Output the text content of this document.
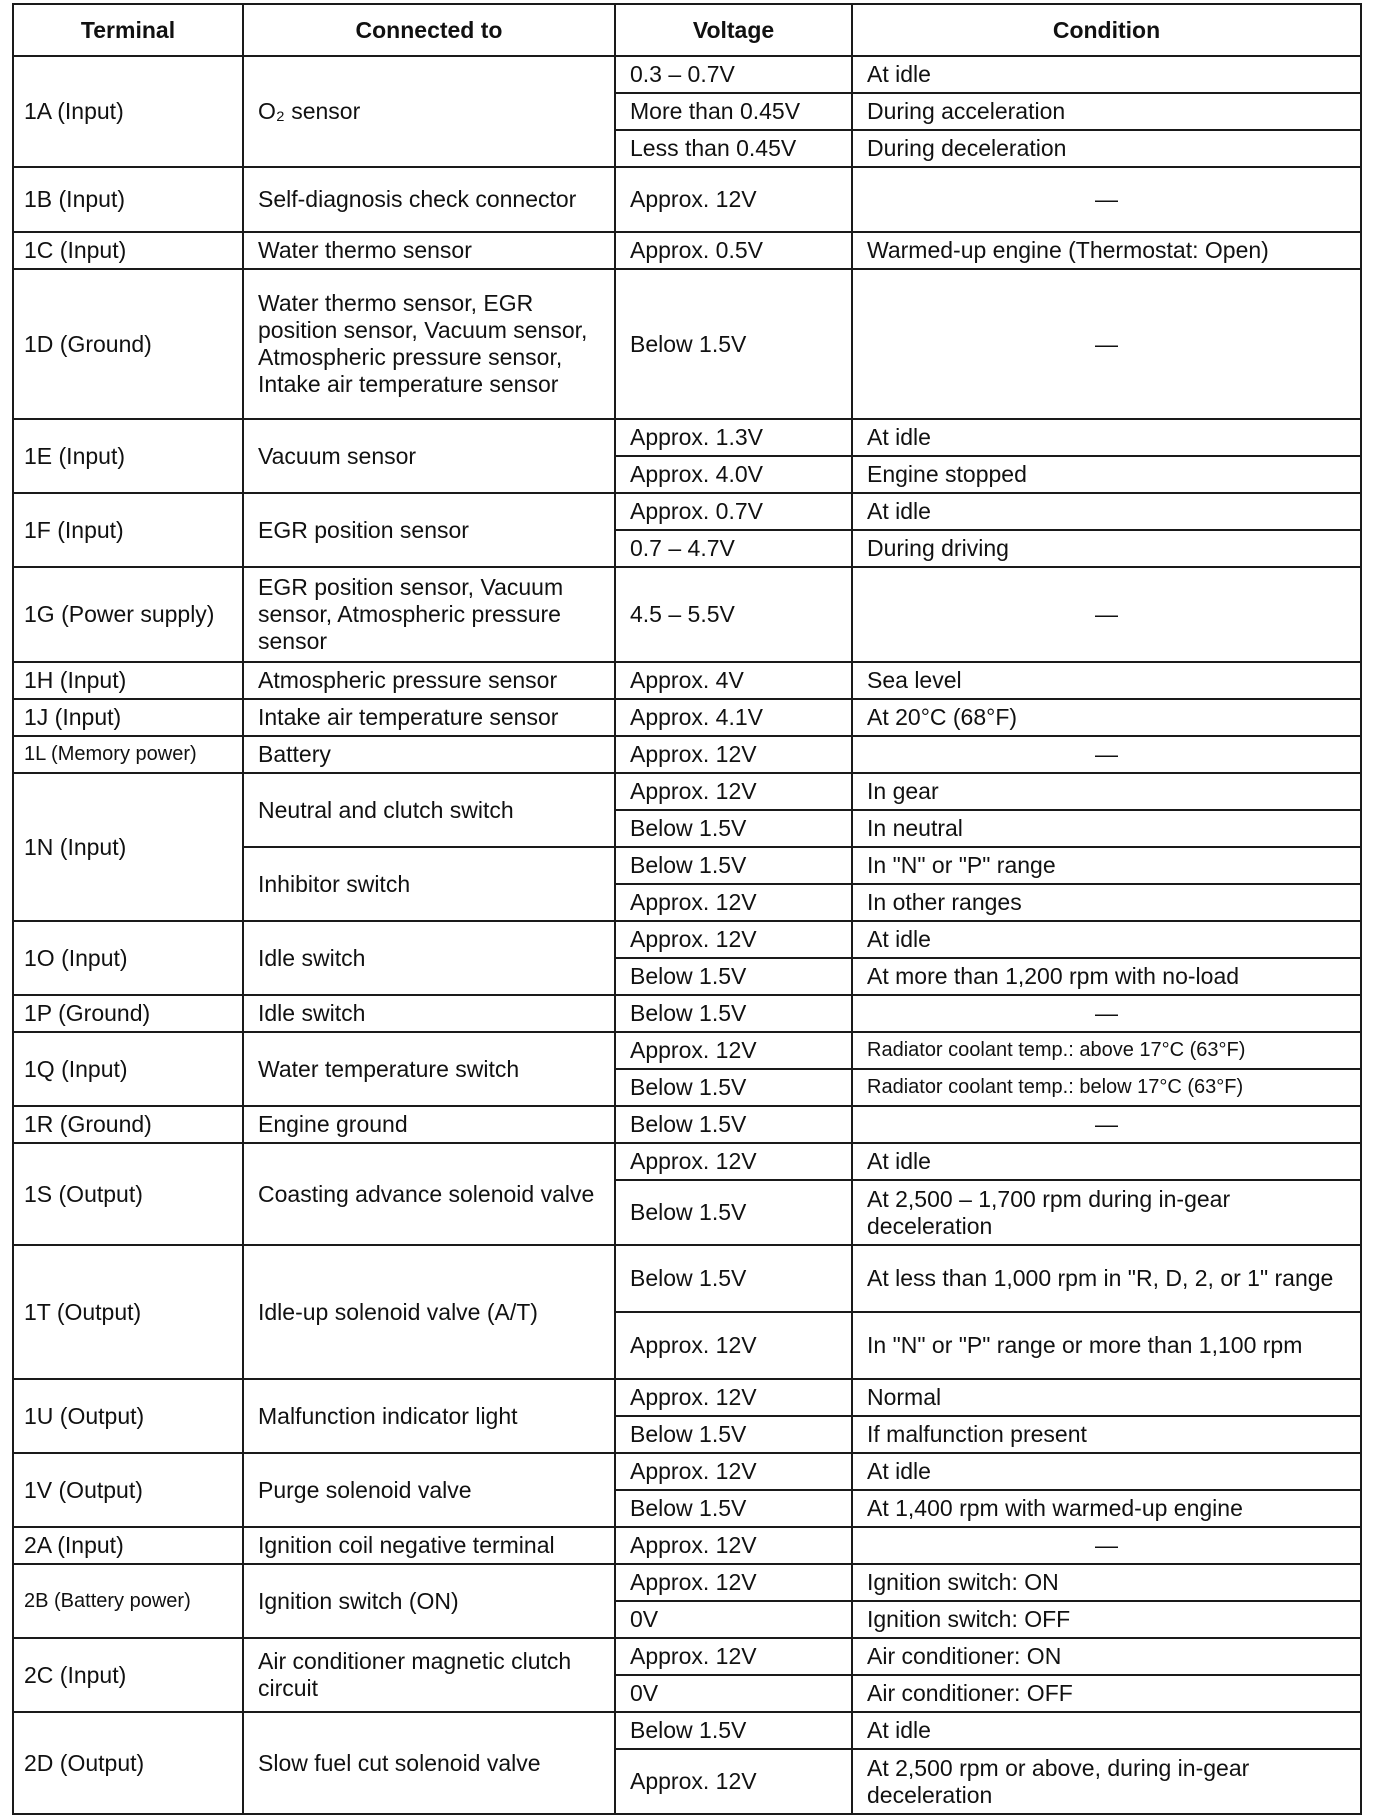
Terminal	Connected to	Voltage	Condition
1A (Input)	O₂ sensor	0.3 – 0.7V	At idle
		More than 0.45V	During acceleration
		Less than 0.45V	During deceleration
1B (Input)	Self-diagnosis check connector	Approx. 12V	—
1C (Input)	Water thermo sensor	Approx. 0.5V	Warmed-up engine (Thermostat: Open)
1D (Ground)	Water thermo sensor, EGR position sensor, Vacuum sensor, Atmospheric pressure sensor, Intake air temperature sensor	Below 1.5V	—
1E (Input)	Vacuum sensor	Approx. 1.3V	At idle
		Approx. 4.0V	Engine stopped
1F (Input)	EGR position sensor	Approx. 0.7V	At idle
		0.7 – 4.7V	During driving
1G (Power supply)	EGR position sensor, Vacuum sensor, Atmospheric pressure sensor	4.5 – 5.5V	—
1H (Input)	Atmospheric pressure sensor	Approx. 4V	Sea level
1J (Input)	Intake air temperature sensor	Approx. 4.1V	At 20°C (68°F)
1L (Memory power)	Battery	Approx. 12V	—
1N (Input)	Neutral and clutch switch	Approx. 12V	In gear
		Below 1.5V	In neutral
	Inhibitor switch	Below 1.5V	In "N" or "P" range
		Approx. 12V	In other ranges
1O (Input)	Idle switch	Approx. 12V	At idle
		Below 1.5V	At more than 1,200 rpm with no-load
1P (Ground)	Idle switch	Below 1.5V	—
1Q (Input)	Water temperature switch	Approx. 12V	Radiator coolant temp.: above 17°C (63°F)
		Below 1.5V	Radiator coolant temp.: below 17°C (63°F)
1R (Ground)	Engine ground	Below 1.5V	—
1S (Output)	Coasting advance solenoid valve	Approx. 12V	At idle
		Below 1.5V	At 2,500 – 1,700 rpm during in-gear deceleration
1T (Output)	Idle-up solenoid valve (A/T)	Below 1.5V	At less than 1,000 rpm in "R, D, 2, or 1" range
		Approx. 12V	In "N" or "P" range or more than 1,100 rpm
1U (Output)	Malfunction indicator light	Approx. 12V	Normal
		Below 1.5V	If malfunction present
1V (Output)	Purge solenoid valve	Approx. 12V	At idle
		Below 1.5V	At 1,400 rpm with warmed-up engine
2A (Input)	Ignition coil negative terminal	Approx. 12V	—
2B (Battery power)	Ignition switch (ON)	Approx. 12V	Ignition switch: ON
		0V	Ignition switch: OFF
2C (Input)	Air conditioner magnetic clutch circuit	Approx. 12V	Air conditioner: ON
		0V	Air conditioner: OFF
2D (Output)	Slow fuel cut solenoid valve	Below 1.5V	At idle
		Approx. 12V	At 2,500 rpm or above, during in-gear deceleration
